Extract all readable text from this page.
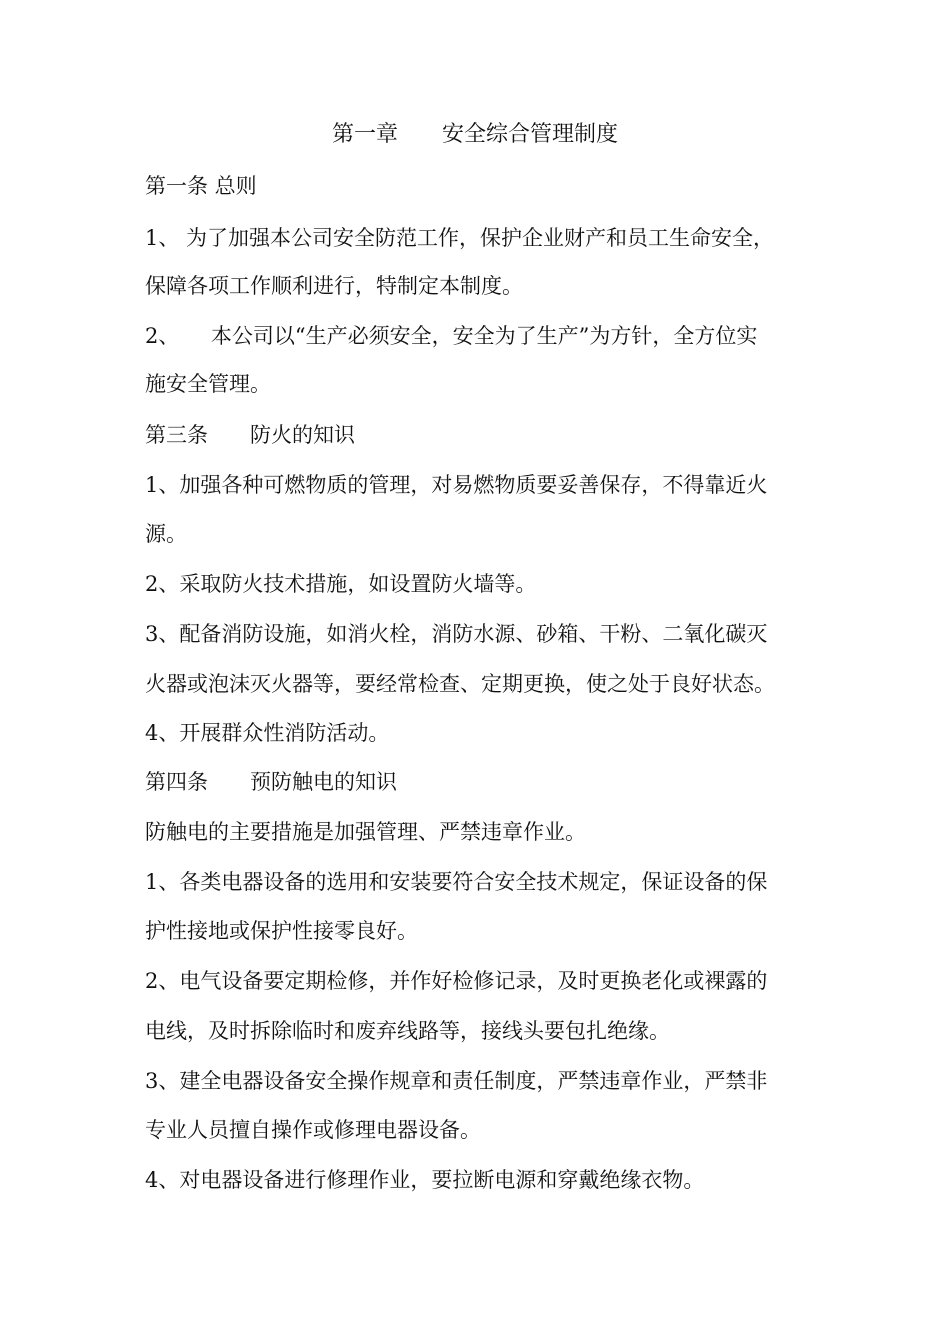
第一章　　安全综合管理制度
第一条 总则
1、 为了加强本公司安全防范工作，保护企业财产和员工生命安全，
保障各项工作顺利进行，特制定本制度。
2、　　本公司以“生产必须安全，安全为了生产”为方针，全方位实
施安全管理。
第三条　　防火的知识
1、加强各种可燃物质的管理，对易燃物质要妥善保存，不得靠近火
源。
2、采取防火技术措施，如设置防火墙等。
3、配备消防设施，如消火栓，消防水源、砂箱、干粉、二氧化碳灭
火器或泡沫灭火器等，要经常检查、定期更换，使之处于良好状态。
4、开展群众性消防活动。
第四条　　预防触电的知识
防触电的主要措施是加强管理、严禁违章作业。
1、各类电器设备的选用和安装要符合安全技术规定，保证设备的保
护性接地或保护性接零良好。
2、电气设备要定期检修，并作好检修记录，及时更换老化或裸露的
电线，及时拆除临时和废弃线路等，接线头要包扎绝缘。
3、建全电器设备安全操作规章和责任制度，严禁违章作业，严禁非
专业人员擅自操作或修理电器设备。
4、对电器设备进行修理作业，要拉断电源和穿戴绝缘衣物。
